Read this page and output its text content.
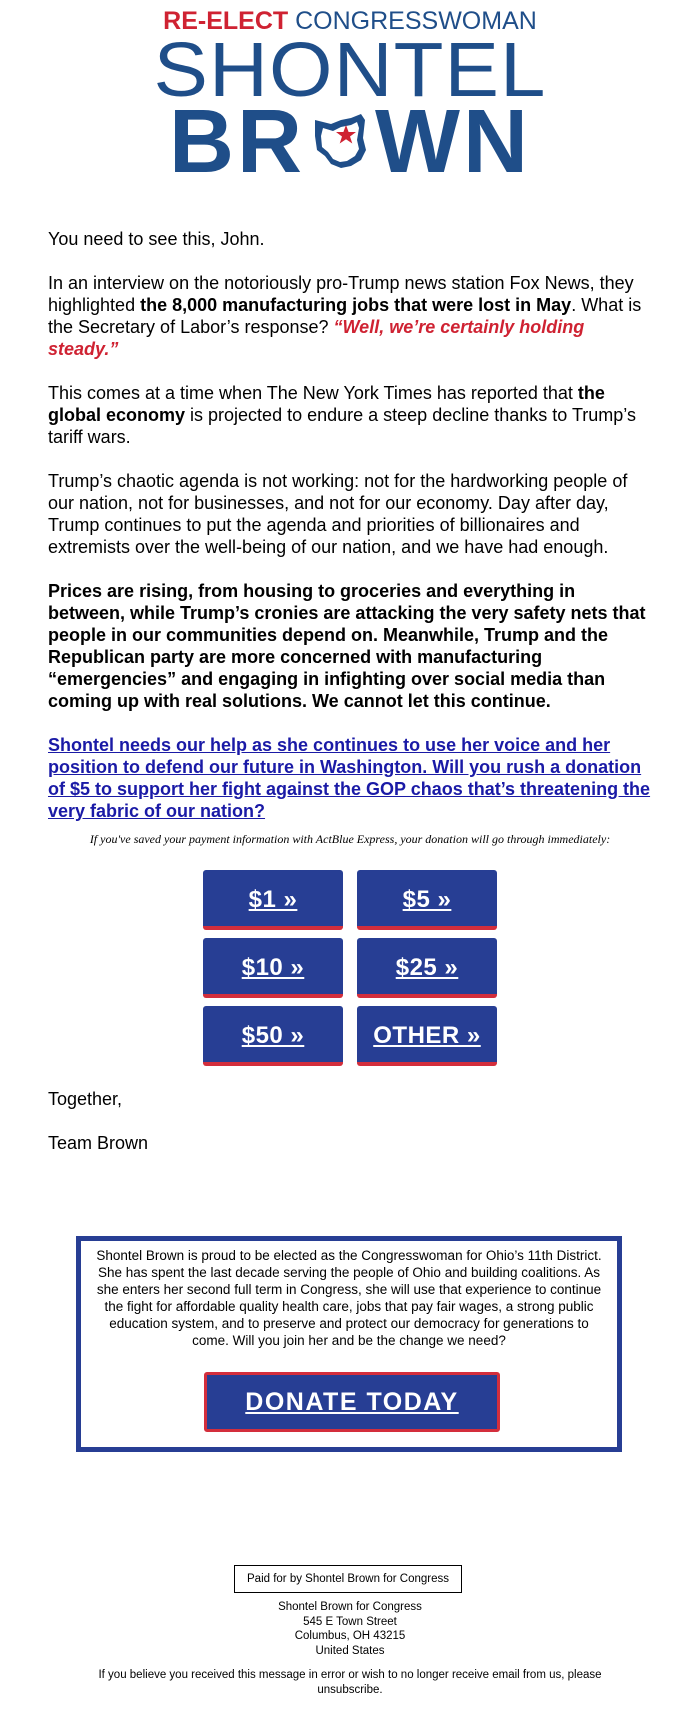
RE-ELECT CONGRESSWOMAN
SHONTEL
BR WN

You need to see this, John.

In an interview on the notoriously pro-Trump news station Fox News, they highlighted the 8,000 manufacturing jobs that were lost in May. What is the Secretary of Labor’s response? “Well, we’re certainly holding steady.”

This comes at a time when The New York Times has reported that the global economy is projected to endure a steep decline thanks to Trump’s tariff wars.

Trump’s chaotic agenda is not working: not for the hardworking people of our nation, not for businesses, and not for our economy. Day after day, Trump continues to put the agenda and priorities of billionaires and extremists over the well-being of our nation, and we have had enough.

Prices are rising, from housing to groceries and everything in between, while Trump’s cronies are attacking the very safety nets that people in our communities depend on. Meanwhile, Trump and the Republican party are more concerned with manufacturing “emergencies” and engaging in infighting over social media than coming up with real solutions. We cannot let this continue.

Shontel needs our help as she continues to use her voice and her position to defend our future in Washington. Will you rush a donation of $5 to support her fight against the GOP chaos that’s threatening the very fabric of our nation?
If you've saved your payment information with ActBlue Express, your donation will go through immediately:
$1 »	$5 »
$10 »	$25 »
$50 »	OTHER »

Together,

Team Brown

Shontel Brown is proud to be elected as the Congresswoman for Ohio’s 11th District. She has spent the last decade serving the people of Ohio and building coalitions. As she enters her second full term in Congress, she will use that experience to continue the fight for affordable quality health care, jobs that pay fair wages, a strong public education system, and to preserve and protect our democracy for generations to come. Will you join her and be the change we need?
DONATE TODAY
Paid for by Shontel Brown for Congress
Shontel Brown for Congress
545 E Town Street
Columbus, OH 43215
United States
If you believe you received this message in error or wish to no longer receive email from us, please unsubscribe.
